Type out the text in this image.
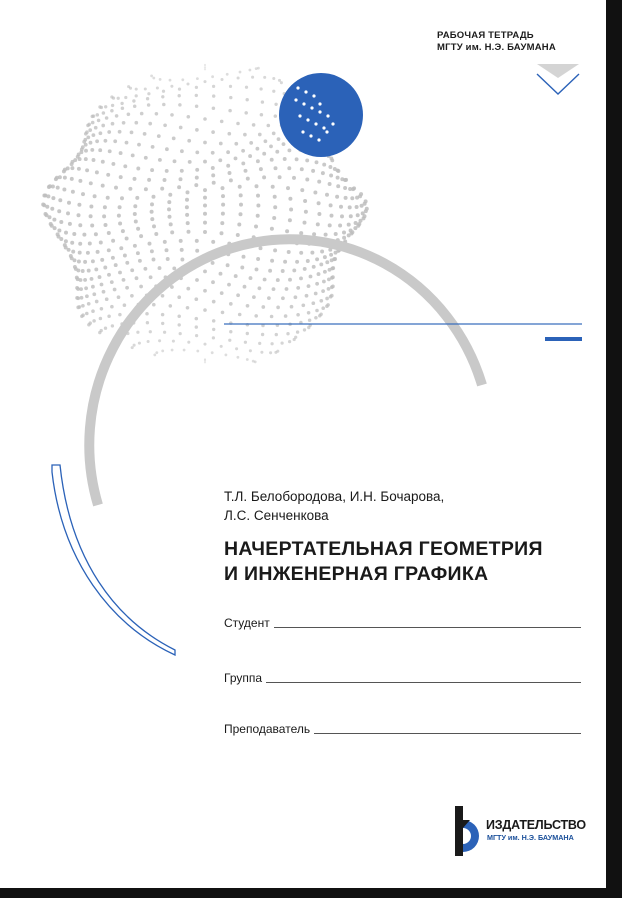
РАБОЧАЯ ТЕТРАДЬ
МГТУ им. Н.Э. БАУМАНА
Т.Л. Белобородова, И.Н. Бочарова,
Л.С. Сенченкова
НАЧЕРТАТЕЛЬНАЯ ГЕОМЕТРИЯ
И ИНЖЕНЕРНАЯ ГРАФИКА
Студент
Группа
Преподаватель
BAUMAN PRESS ИЗДАТЕЛЬСТВО
МГТУ им. Н.Э. БАУМАНА
